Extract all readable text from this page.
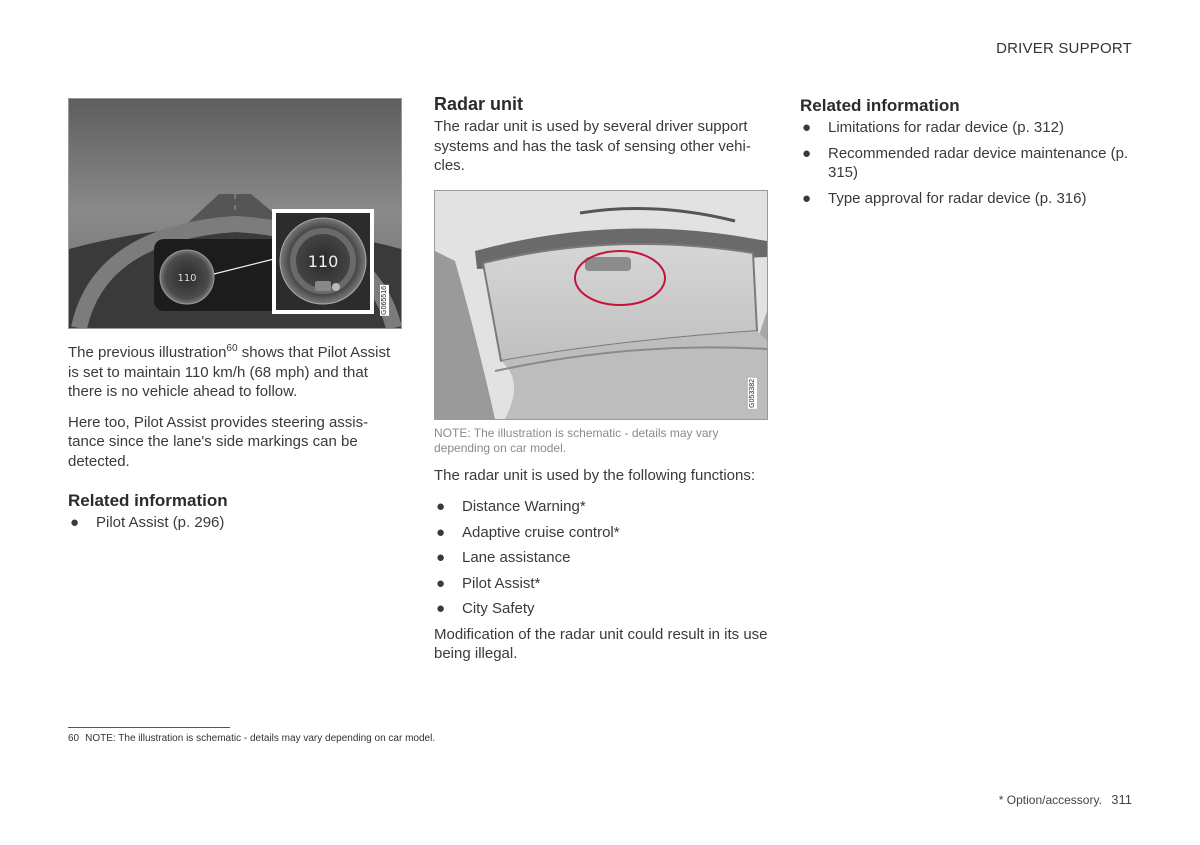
DRIVER SUPPORT
110
110
G065516

The previous illustration$^{60}$ shows that Pilot Assist is set to maintain 110 km/h (68 mph) and that there is no vehicle ahead to follow.

Here too, Pilot Assist provides steering assis-tance since the lane's side markings can be detected.

Related information
● Pilot Assist (p. 296)
Radar unit

The radar unit is used by several driver support systems and has the task of sensing other vehi-cles.

G053382
NOTE: The illustration is schematic - details may vary depending on car model.

The radar unit is used by the following functions:

● Distance Warning*
● Adaptive cruise control*
● Lane assistance
● Pilot Assist*
● City Safety

Modification of the radar unit could result in its use being illegal.

Related information
● Limitations for radar device (p. 312)
● Recommended radar device maintenance (p. 315)
● Type approval for radar device (p. 316)
60 NOTE: The illustration is schematic - details may vary depending on car model.
* Option/accessory. 311
